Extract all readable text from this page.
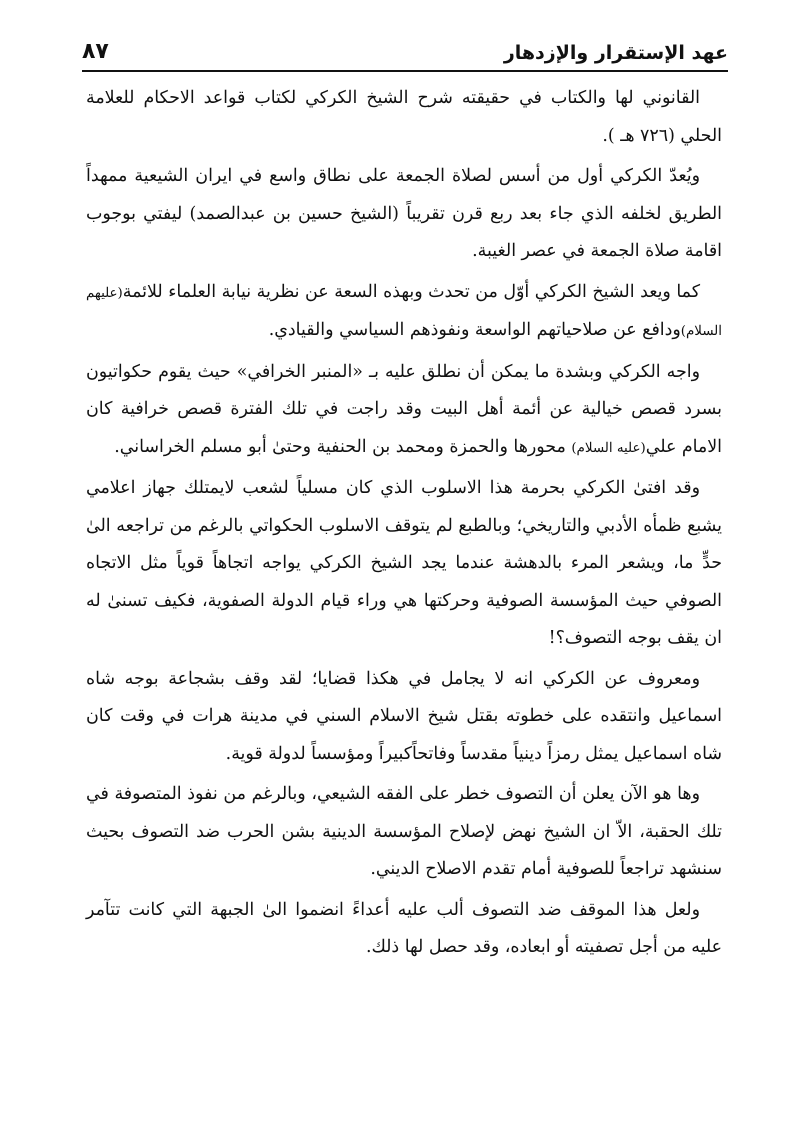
عهد الإستقرار والإزدهار
٨٧

القانوني لها والكتاب في حقيقته شرح الشيخ الكركي لكتاب قواعد الاحكام للعلامة الحلي (٧٢٦ هـ ).

ويُعدّ الكركي أول من أسس لصلاة الجمعة على نطاق واسع في ايران الشيعية ممهداً الطريق لخلفه الذي جاء بعد ربع قرن تقريباً (الشيخ حسين بن عبدالصمد) ليفتي بوجوب اقامة صلاة الجمعة في عصر الغيبة.

كما ويعد الشيخ الكركي أوّل من تحدث وبهذه السعة عن نظرية نيابة العلماء للائمة(عليهم السلام)ودافع عن صلاحياتهم الواسعة ونفوذهم السياسي والقيادي.

واجه الكركي وبشدة ما يمكن أن نطلق عليه بـ «المنبر الخرافي» حيث يقوم حكواتيون بسرد قصص خيالية عن أئمة أهل البيت وقد راجت في تلك الفترة قصص خرافية كان الامام علي(عليه السلام) محورها والحمزة ومحمد بن الحنفية وحتىٰ أبو مسلم الخراساني.

وقد افتىٰ الكركي بحرمة هذا الاسلوب الذي كان مسلياً لشعب لايمتلك جهاز اعلامي يشبع ظمأه الأدبي والتاريخي؛ وبالطبع لم يتوقف الاسلوب الحكواتي بالرغم من تراجعه الىٰ حدٍّ ما، ويشعر المرء بالدهشة عندما يجد الشيخ الكركي يواجه اتجاهاً قوياً مثل الاتجاه الصوفي حيث المؤسسة الصوفية وحركتها هي وراء قيام الدولة الصفوية، فكيف تسنىٰ له ان يقف بوجه التصوف؟!

ومعروف عن الكركي انه لا يجامل في هكذا قضايا؛ لقد وقف بشجاعة بوجه شاه اسماعيل وانتقده على خطوته بقتل شيخ الاسلام السني في مدينة هرات في وقت كان شاه اسماعيل يمثل رمزاً دينياً مقدساً وفاتحاًكبيراً ومؤسساً لدولة قوية.

وها هو الآن يعلن أن التصوف خطر على الفقه الشيعي، وبالرغم من نفوذ المتصوفة في تلك الحقبة، الاّ ان الشيخ نهض لإصلاح المؤسسة الدينية بشن الحرب ضد التصوف بحيث سنشهد تراجعاً للصوفية أمام تقدم الاصلاح الديني.

ولعل هذا الموقف ضد التصوف ألب عليه أعداءً انضموا الىٰ الجبهة التي كانت تتآمر عليه من أجل تصفيته أو ابعاده، وقد حصل لها ذلك.
